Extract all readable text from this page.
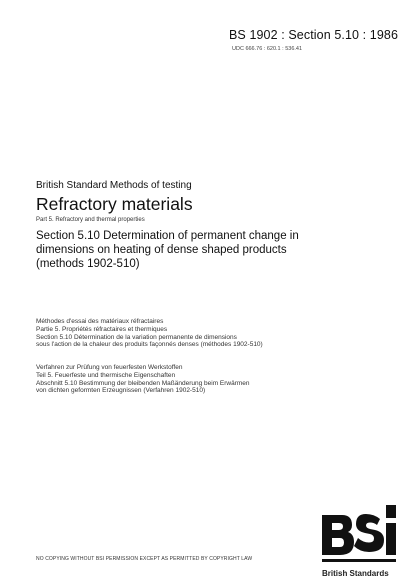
BS 1902 : Section 5.10 : 1986
UDC 666.76 : 620.1 : 536.41
British Standard Methods of testing
Refractory materials
Part 5. Refractory and thermal properties
Section 5.10 Determination of permanent change in
dimensions on heating of dense shaped products
(methods 1902-510)
Méthodes d'essai des matériaux réfractaires
Partie 5. Propriétés réfractaires et thermiques
Section 5.10 Détermination de la variation permanente de dimensions
sous l'action de la chaleur des produits façonnés denses (méthodes 1902-510)
Verfahren zur Prüfung von feuerfesten Werkstoffen
Teil 5. Feuerfeste und thermische Eigenschaften
Abschnitt 5.10 Bestimmung der bleibenden Maßänderung beim Erwärmen
von dichten geformten Erzeugnissen (Verfahren 1902-510)
British Standards
NO COPYING WITHOUT BSI PERMISSION EXCEPT AS PERMITTED BY COPYRIGHT LAW
